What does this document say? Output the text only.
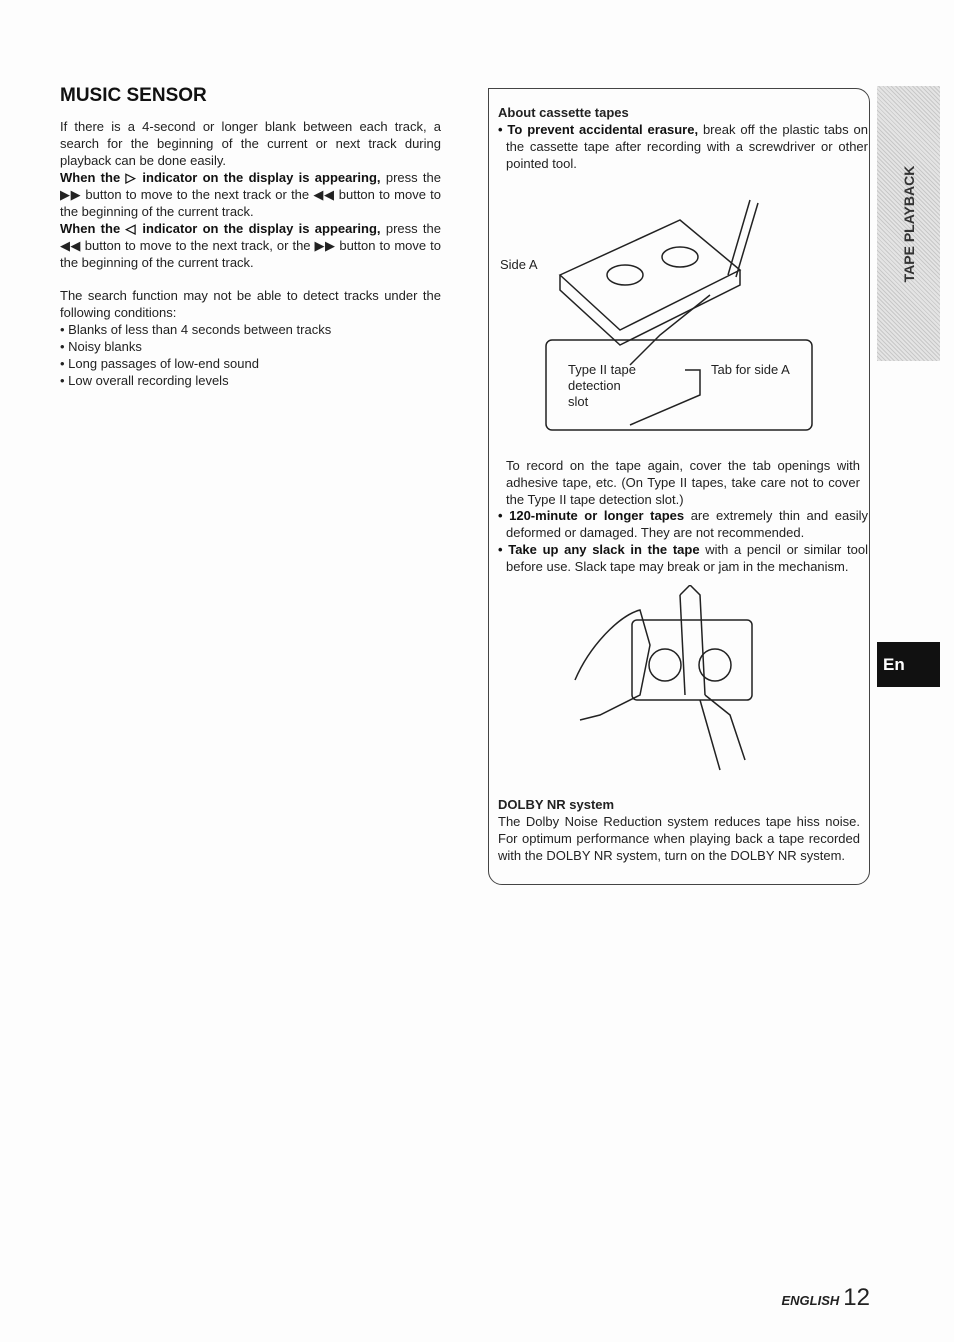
MUSIC SENSOR

If there is a 4-second or longer blank between each track, a search for the beginning of the current or next track during playback can be done easily.

When the ▷ indicator on the display is appearing, press the ▶▶ button to move to the next track or the ◀◀ button to move to the beginning of the current track.

When the ◁ indicator on the display is appearing, press the ◀◀ button to move to the next track, or the ▶▶ button to move to the beginning of the current track.

The search function may not be able to detect tracks under the following conditions:

• Blanks of less than 4 seconds between tracks

• Noisy blanks

• Long passages of low-end sound

• Low overall recording levels

About cassette tapes

• To prevent accidental erasure, break off the plastic tabs on the cassette tape after recording with a screwdriver or other pointed tool.

Side A
Type II tape
detection
slot
Tab for side A

To record on the tape again, cover the tab openings with adhesive tape, etc. (On Type II tapes, take care not to cover the Type II tape detection slot.)

• 120-minute or longer tapes are extremely thin and easily deformed or damaged. They are not recommended.

• Take up any slack in the tape with a pencil or similar tool before use. Slack tape may break or jam in the mechanism.

DOLBY NR system

The Dolby Noise Reduction system reduces tape hiss noise. For optimum performance when playing back a tape recorded with the DOLBY NR system, turn on the DOLBY NR system.

TAPE PLAYBACK
En
ENGLISH 12
